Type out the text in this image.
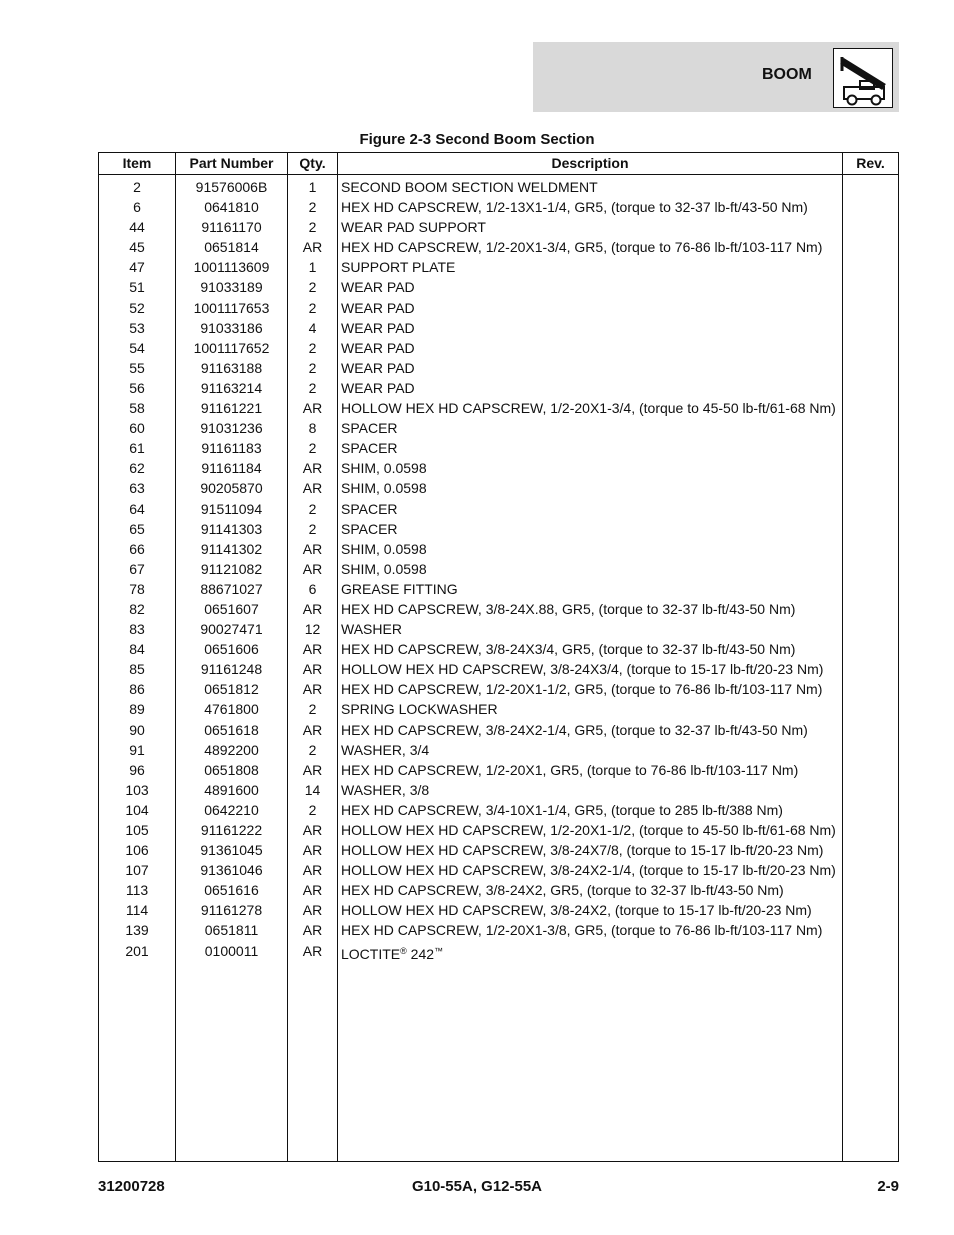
BOOM
Figure 2-3 Second Boom Section
Item	Part Number	Qty.	Description	Rev.
2	91576006B	1	SECOND BOOM SECTION WELDMENT
6	0641810	2	HEX HD CAPSCREW, 1/2-13X1-1/4, GR5, (torque to 32-37 lb-ft/43-50 Nm)
44	91161170	2	WEAR PAD SUPPORT
45	0651814	AR	HEX HD CAPSCREW, 1/2-20X1-3/4, GR5, (torque to 76-86 lb-ft/103-117 Nm)
47	1001113609	1	SUPPORT PLATE
51	91033189	2	WEAR PAD
52	1001117653	2	WEAR PAD
53	91033186	4	WEAR PAD
54	1001117652	2	WEAR PAD
55	91163188	2	WEAR PAD
56	91163214	2	WEAR PAD
58	91161221	AR	HOLLOW HEX HD CAPSCREW, 1/2-20X1-3/4, (torque to 45-50 lb-ft/61-68 Nm)
60	91031236	8	SPACER
61	91161183	2	SPACER
62	91161184	AR	SHIM, 0.0598
63	90205870	AR	SHIM, 0.0598
64	91511094	2	SPACER
65	91141303	2	SPACER
66	91141302	AR	SHIM, 0.0598
67	91121082	AR	SHIM, 0.0598
78	88671027	6	GREASE FITTING
82	0651607	AR	HEX HD CAPSCREW, 3/8-24X.88, GR5, (torque to 32-37 lb-ft/43-50 Nm)
83	90027471	12	WASHER
84	0651606	AR	HEX HD CAPSCREW, 3/8-24X3/4, GR5, (torque to 32-37 lb-ft/43-50 Nm)
85	91161248	AR	HOLLOW HEX HD CAPSCREW, 3/8-24X3/4, (torque to 15-17 lb-ft/20-23 Nm)
86	0651812	AR	HEX HD CAPSCREW, 1/2-20X1-1/2, GR5, (torque to 76-86 lb-ft/103-117 Nm)
89	4761800	2	SPRING LOCKWASHER
90	0651618	AR	HEX HD CAPSCREW, 3/8-24X2-1/4, GR5, (torque to 32-37 lb-ft/43-50 Nm)
91	4892200	2	WASHER, 3/4
96	0651808	AR	HEX HD CAPSCREW, 1/2-20X1, GR5, (torque to 76-86 lb-ft/103-117 Nm)
103	4891600	14	WASHER, 3/8
104	0642210	2	HEX HD CAPSCREW, 3/4-10X1-1/4, GR5, (torque to 285 lb-ft/388 Nm)
105	91161222	AR	HOLLOW HEX HD CAPSCREW, 1/2-20X1-1/2, (torque to 45-50 lb-ft/61-68 Nm)
106	91361045	AR	HOLLOW HEX HD CAPSCREW, 3/8-24X7/8, (torque to 15-17 lb-ft/20-23 Nm)
107	91361046	AR	HOLLOW HEX HD CAPSCREW, 3/8-24X2-1/4, (torque to 15-17 lb-ft/20-23 Nm)
113	0651616	AR	HEX HD CAPSCREW, 3/8-24X2, GR5, (torque to 32-37 lb-ft/43-50 Nm)
114	91161278	AR	HOLLOW HEX HD CAPSCREW, 3/8-24X2, (torque to 15-17 lb-ft/20-23 Nm)
139	0651811	AR	HEX HD CAPSCREW, 1/2-20X1-3/8, GR5, (torque to 76-86 lb-ft/103-117 Nm)
201	0100011	AR	LOCTITE® 242™
31200728	G10-55A, G12-55A	2-9
